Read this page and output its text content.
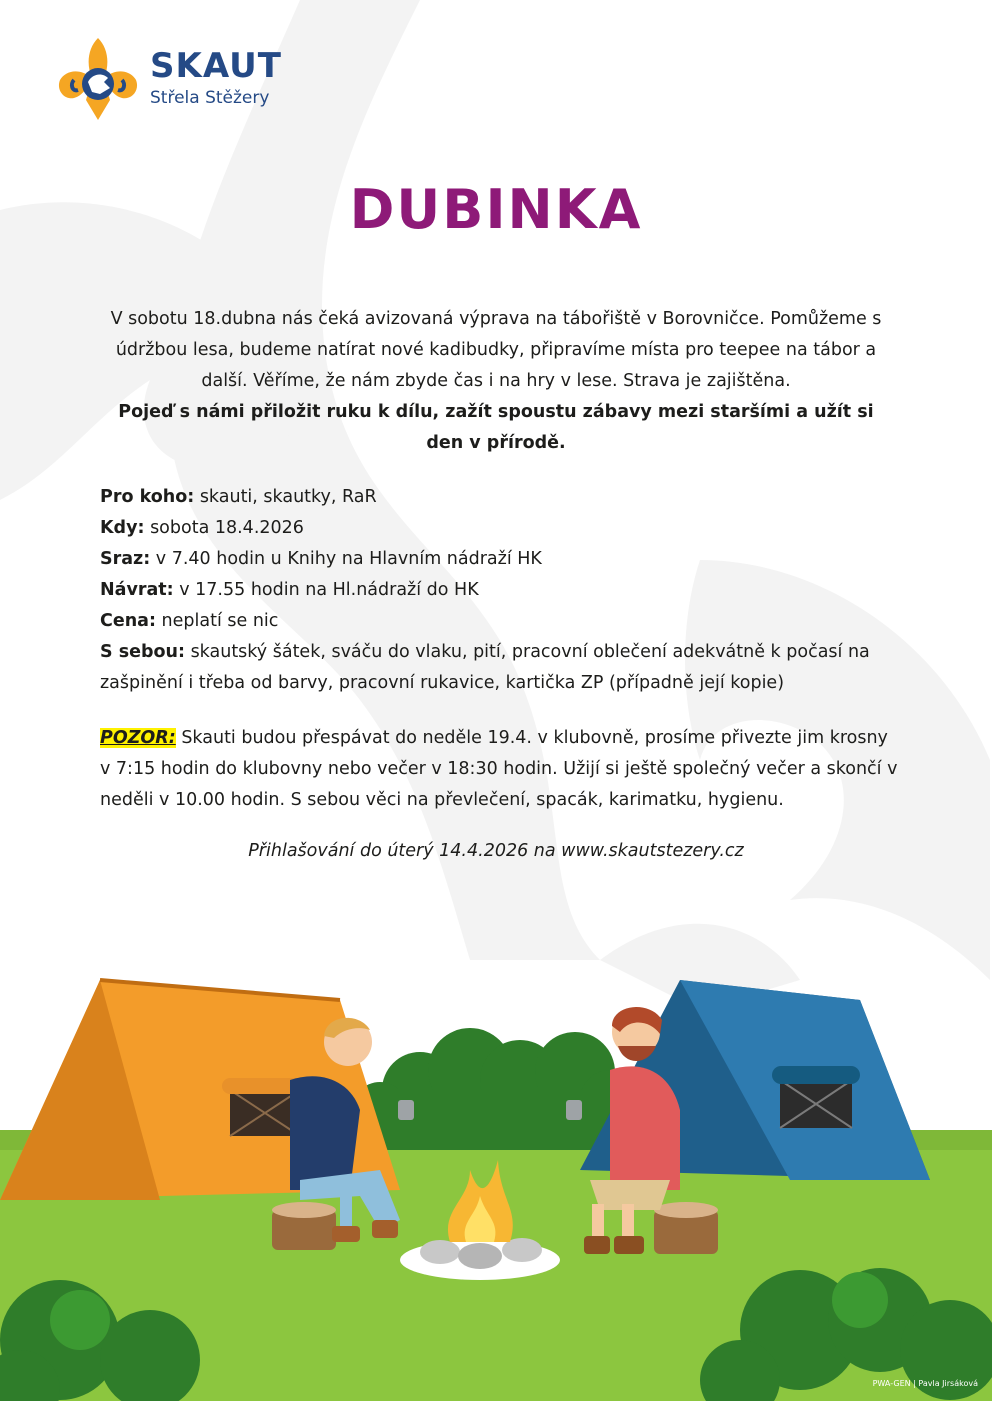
SKAUT
Střela Stěžery
DUBINKA

V sobotu 18.dubna nás čeká avizovaná výprava na tábořiště v Borovničce. Pomůžeme s údržbou lesa, budeme natírat nové kadibudky, připravíme místa pro teepee na tábor a další. Věříme, že nám zbyde čas i na hry v lese. Strava je zajištěna.

Pojeď s námi přiložit ruku k dílu, zažít spoustu zábavy mezi staršími a užít si den v přírodě.

Pro koho: skauti, skautky, RaR

Kdy: sobota 18.4.2026

Sraz: v 7.40 hodin u Knihy na Hlavním nádraží HK

Návrat: v 17.55 hodin na Hl.nádraží do HK

Cena: neplatí se nic

S sebou: skautský šátek, sváču do vlaku, pití, pracovní oblečení adekvátně k počasí na zašpinění i třeba od barvy, pracovní rukavice, kartička ZP (případně její kopie)

POZOR: Skauti budou přespávat do neděle 19.4. v klubovně, prosíme přivezte jim krosny v 7:15 hodin do klubovny nebo večer v 18:30 hodin. Užijí si ještě společný večer a skončí v neděli v 10.00 hodin. S sebou věci na převlečení, spacák, karimatku, hygienu.
Přihlašování do úterý 14.4.2026 na www.skautstezery.cz
PWA-GEN | Pavla Jirsáková
